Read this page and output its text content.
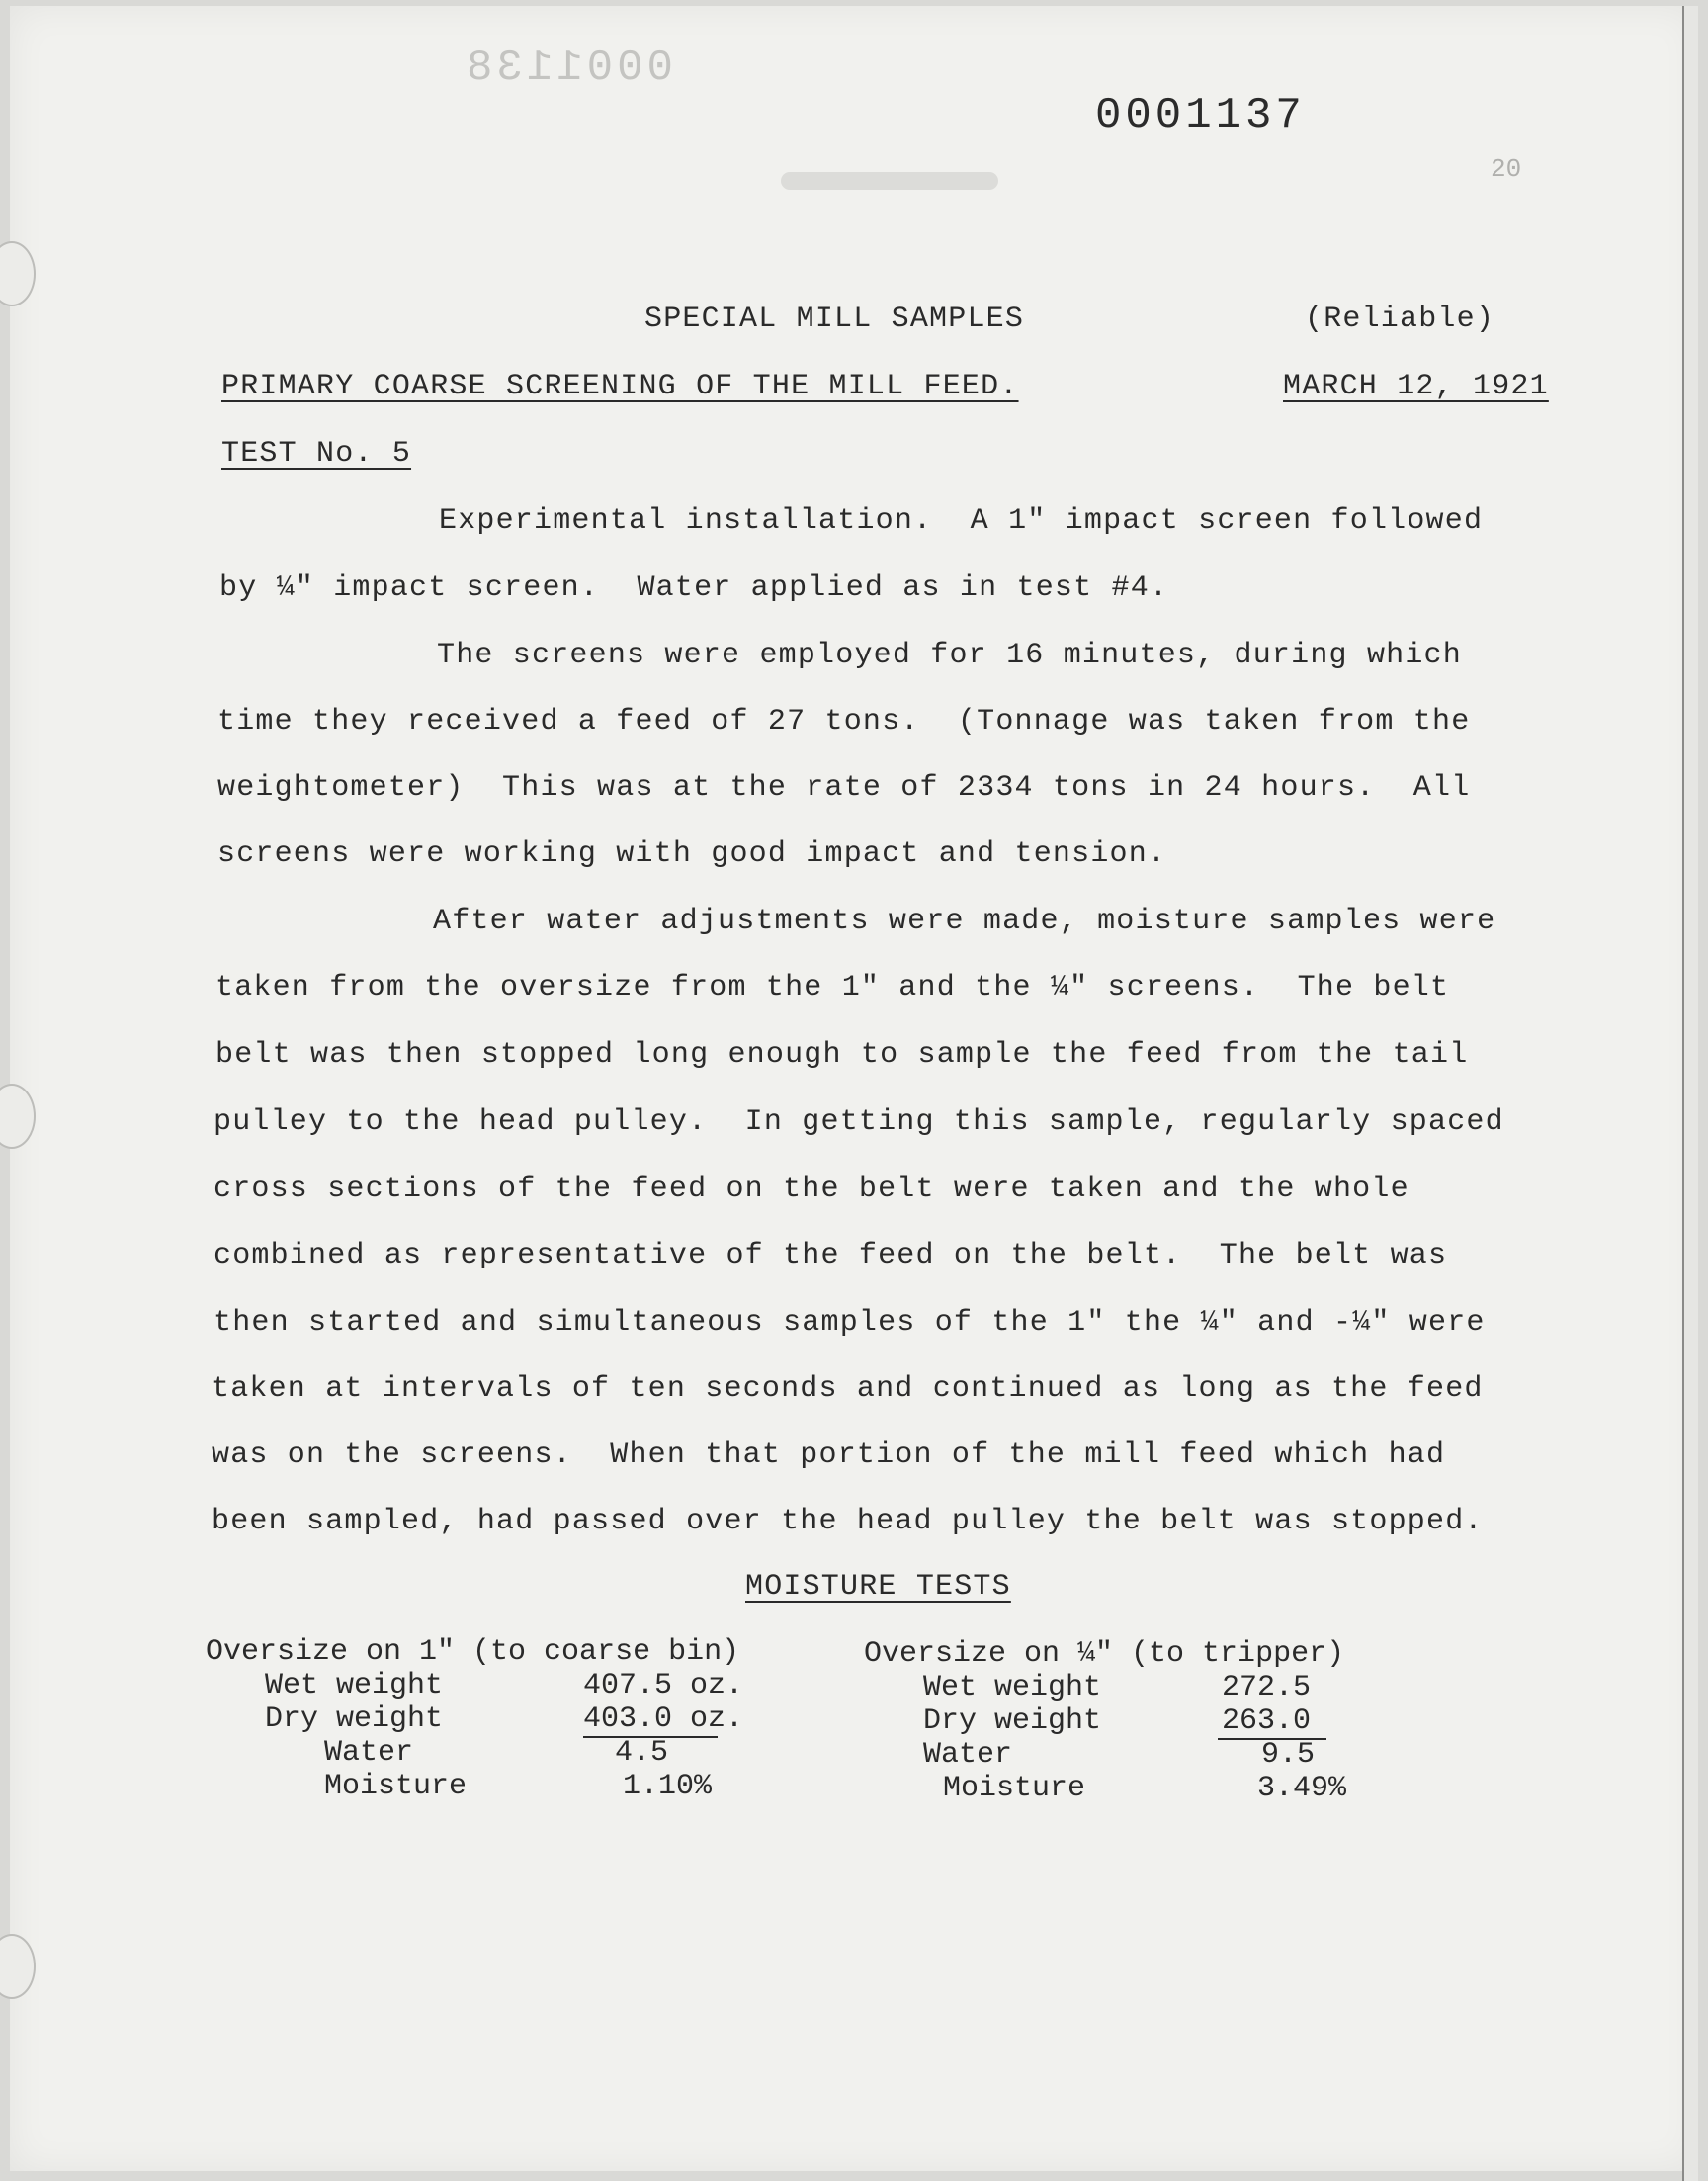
0001138
0001137
20
SPECIAL MILL SAMPLES	(Reliable)
PRIMARY COARSE SCREENING OF THE MILL FEED.	MARCH 12, 1921
TEST No. 5
Experimental installation.  A 1" impact screen followed
by ¼" impact screen.  Water applied as in test #4.
The screens were employed for 16 minutes, during which
time they received a feed of 27 tons.  (Tonnage was taken from the
weightometer)  This was at the rate of 2334 tons in 24 hours.  All
screens were working with good impact and tension.
After water adjustments were made, moisture samples were
taken from the oversize from the 1" and the ¼" screens.  The belt
belt was then stopped long enough to sample the feed from the tail
pulley to the head pulley.  In getting this sample, regularly spaced
cross sections of the feed on the belt were taken and the whole
combined as representative of the feed on the belt.  The belt was
then started and simultaneous samples of the 1" the ¼" and -¼" were
taken at intervals of ten seconds and continued as long as the feed
was on the screens.  When that portion of the mill feed which had
been sampled, had passed over the head pulley the belt was stopped.
MOISTURE TESTS
Oversize on 1" (to coarse bin)
Wet weight	407.5 oz.
Dry weight	403.0 oz.
Water	4.5
Moisture	1.10%
Oversize on ¼" (to tripper)
Wet weight	272.5
Dry weight	263.0
Water	9.5
Moisture	3.49%
